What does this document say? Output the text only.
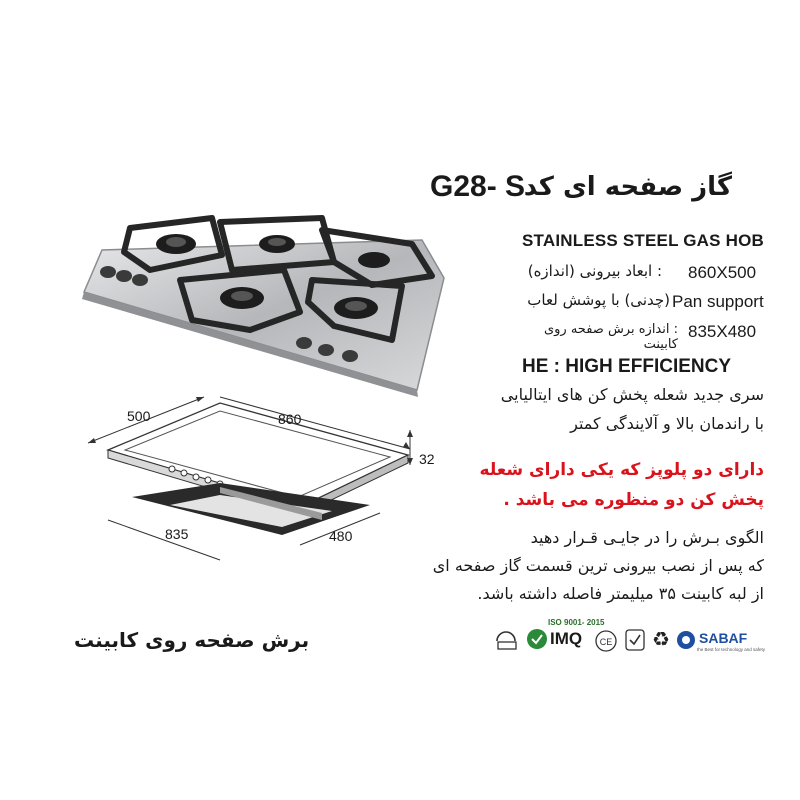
گاز صفحه ای کد
G28- S
STAINLESS STEEL GAS HOB
: ابعاد بیرونی (اندازه) 860X500
(چدنی) با پوشش لعاب Pan support
: اندازه برش صفحه روی کابینت
835X480
HE : HIGH EFFICIENCY
سری جدید شعله پخش کن های ایتالیایی
با راندمان بالا و آلایندگی کمتر
دارای دو پلوپز که یکی دارای شعله
پخش کن دو منظوره می باشد .
الگوی بـرش را در جایـی قـرار دهید
که پس از نصب بیرونی ترین قسمت گاز صفحه ای
از لبه کابینت ۳۵ میلیمتر فاصله داشته باشد.
500	860
32
835	480
برش صفحه روی کابینت
ISO 9001- 2015
IMQ CE ♻ SABAF
the Best for technology and safety
